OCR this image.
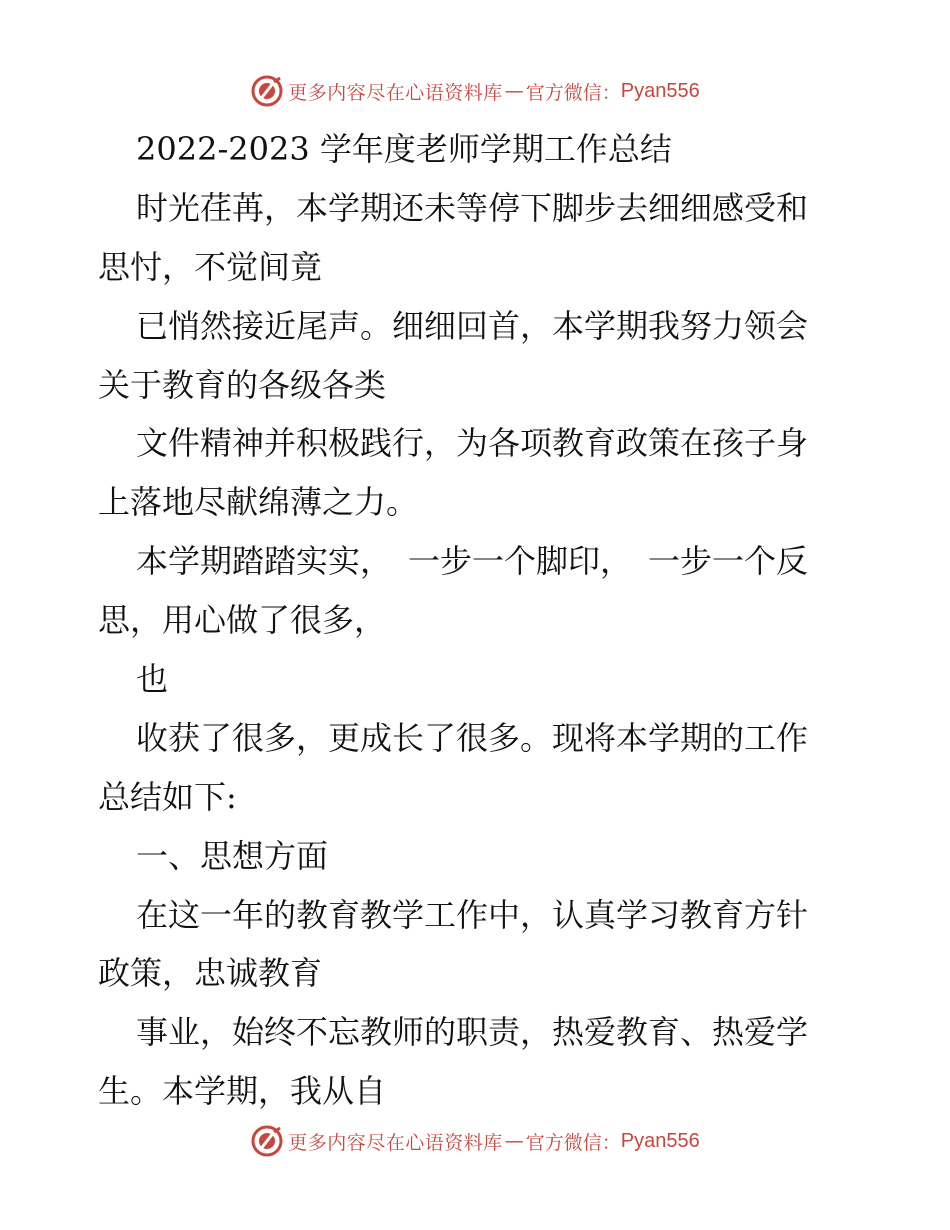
更多内容尽在心语资料库 — 官方微信： Pyan556
2022-2023 学年度老师学期工作总结
时光荏苒，本学期还未等停下脚步去细细感受和
思忖，不觉间竟
已悄然接近尾声。细细回首，本学期我努力领会
关于教育的各级各类
文件精神并积极践行，为各项教育政策在孩子身
上落地尽献绵薄之力。
本学期踏踏实实，　一步一个脚印，　一步一个反
思，用心做了很多，
也
收获了很多，更成长了很多。现将本学期的工作
总结如下:
一、思想方面
在这一年的教育教学工作中，认真学习教育方针
政策，忠诚教育
事业，始终不忘教师的职责，热爱教育、热爱学
生。本学期，我从自
更多内容尽在心语资料库 — 官方微信： Pyan556
